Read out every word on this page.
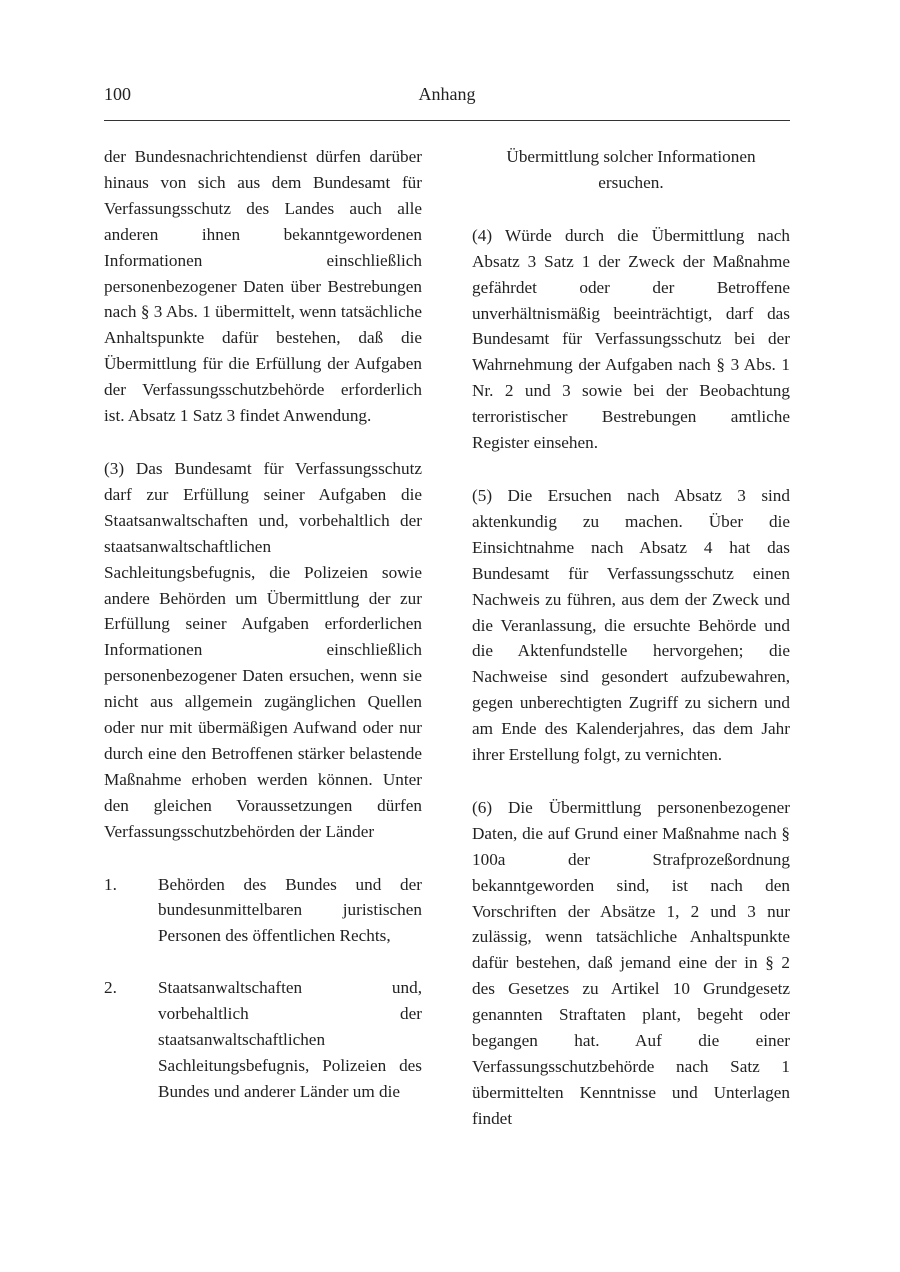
100	Anhang

der Bundesnachrichtendienst dürfen darüber hinaus von sich aus dem Bundesamt für Verfassungsschutz des Landes auch alle anderen ihnen bekanntgewordenen Informationen einschließlich personenbezogener Daten über Bestrebungen nach § 3 Abs. 1 übermittelt, wenn tatsächliche Anhaltspunkte dafür bestehen, daß die Übermittlung für die Erfüllung der Aufgaben der Verfassungsschutzbehörde erforderlich ist. Absatz 1 Satz 3 findet Anwendung.

(3) Das Bundesamt für Verfassungsschutz darf zur Erfüllung seiner Aufgaben die Staatsanwaltschaften und, vorbehaltlich der staatsanwaltschaftlichen Sachleitungsbefugnis, die Polizeien sowie andere Behörden um Übermittlung der zur Erfüllung seiner Aufgaben erforderlichen Informationen einschließlich personenbezogener Daten ersuchen, wenn sie nicht aus allgemein zugänglichen Quellen oder nur mit übermäßigen Aufwand oder nur durch eine den Betroffenen stärker belastende Maßnahme erhoben werden können. Unter den gleichen Voraussetzungen dürfen Verfassungsschutzbehörden der Länder

1.	Behörden des Bundes und der bundesunmittelbaren juristischen Personen des öffentlichen Rechts,
2.	Staatsanwaltschaften und, vorbehaltlich der staatsanwaltschaftlichen Sachleitungsbefugnis, Polizeien des Bundes und anderer Länder um die

Übermittlung solcher Informationen ersuchen.

(4) Würde durch die Übermittlung nach Absatz 3 Satz 1 der Zweck der Maßnahme gefährdet oder der Betroffene unverhältnismäßig beeinträchtigt, darf das Bundesamt für Verfassungsschutz bei der Wahrnehmung der Aufgaben nach § 3 Abs. 1 Nr. 2 und 3 sowie bei der Beobachtung terroristischer Bestrebungen amtliche Register einsehen.

(5) Die Ersuchen nach Absatz 3 sind aktenkundig zu machen. Über die Einsichtnahme nach Absatz 4 hat das Bundesamt für Verfassungsschutz einen Nachweis zu führen, aus dem der Zweck und die Veranlassung, die ersuchte Behörde und die Aktenfundstelle hervorgehen; die Nachweise sind gesondert aufzubewahren, gegen unberechtigten Zugriff zu sichern und am Ende des Kalenderjahres, das dem Jahr ihrer Erstellung folgt, zu vernichten.

(6) Die Übermittlung personenbezogener Daten, die auf Grund einer Maßnahme nach § 100a der Strafprozeßordnung bekanntgeworden sind, ist nach den Vorschriften der Absätze 1, 2 und 3 nur zulässig, wenn tatsächliche Anhaltspunkte dafür bestehen, daß jemand eine der in § 2 des Gesetzes zu Artikel 10 Grundgesetz genannten Straftaten plant, begeht oder begangen hat. Auf die einer Verfassungsschutzbehörde nach Satz 1 übermittelten Kenntnisse und Unterlagen findet
